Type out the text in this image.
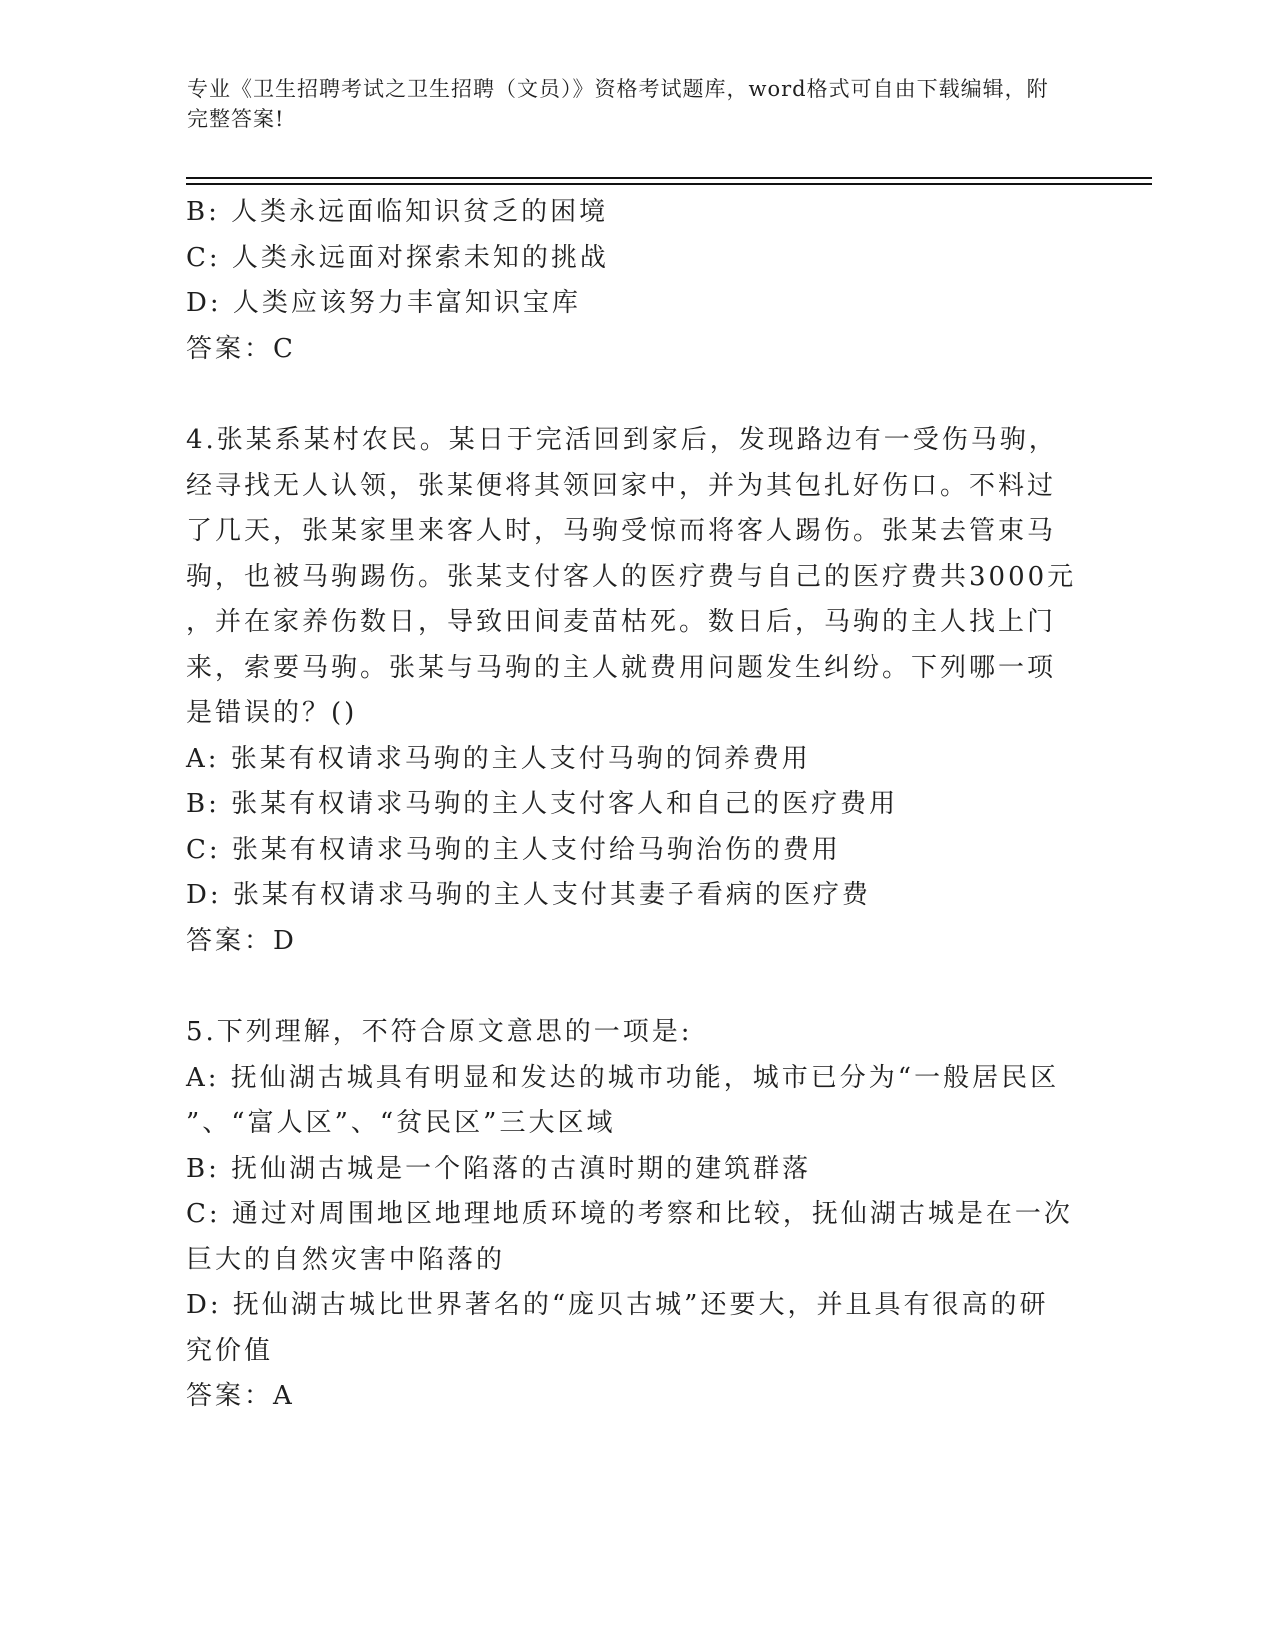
专业《卫生招聘考试之卫生招聘（文员）》资格考试题库，word格式可自由下载编辑，附完整答案!

B: 人类永远面临知识贫乏的困境

C: 人类永远面对探索未知的挑战

D: 人类应该努力丰富知识宝库

答案：C

4.张某系某村农民。某日于完活回到家后，发现路边有一受伤马驹，

经寻找无人认领，张某便将其领回家中，并为其包扎好伤口。不料过

了几天，张某家里来客人时，马驹受惊而将客人踢伤。张某去管束马

驹，也被马驹踢伤。张某支付客人的医疗费与自己的医疗费共3000元

，并在家养伤数日，导致田间麦苗枯死。数日后，马驹的主人找上门

来，索要马驹。张某与马驹的主人就费用问题发生纠纷。下列哪一项

是错误的？()

A: 张某有权请求马驹的主人支付马驹的饲养费用

B: 张某有权请求马驹的主人支付客人和自己的医疗费用

C: 张某有权请求马驹的主人支付给马驹治伤的费用

D: 张某有权请求马驹的主人支付其妻子看病的医疗费

答案：D

5.下列理解，不符合原文意思的一项是:

A: 抚仙湖古城具有明显和发达的城市功能，城市已分为“一般居民区

”、“富人区”、“贫民区”三大区域

B: 抚仙湖古城是一个陷落的古滇时期的建筑群落

C: 通过对周围地区地理地质环境的考察和比较，抚仙湖古城是在一次

巨大的自然灾害中陷落的

D: 抚仙湖古城比世界著名的“庞贝古城”还要大，并且具有很高的研

究价值

答案：A
